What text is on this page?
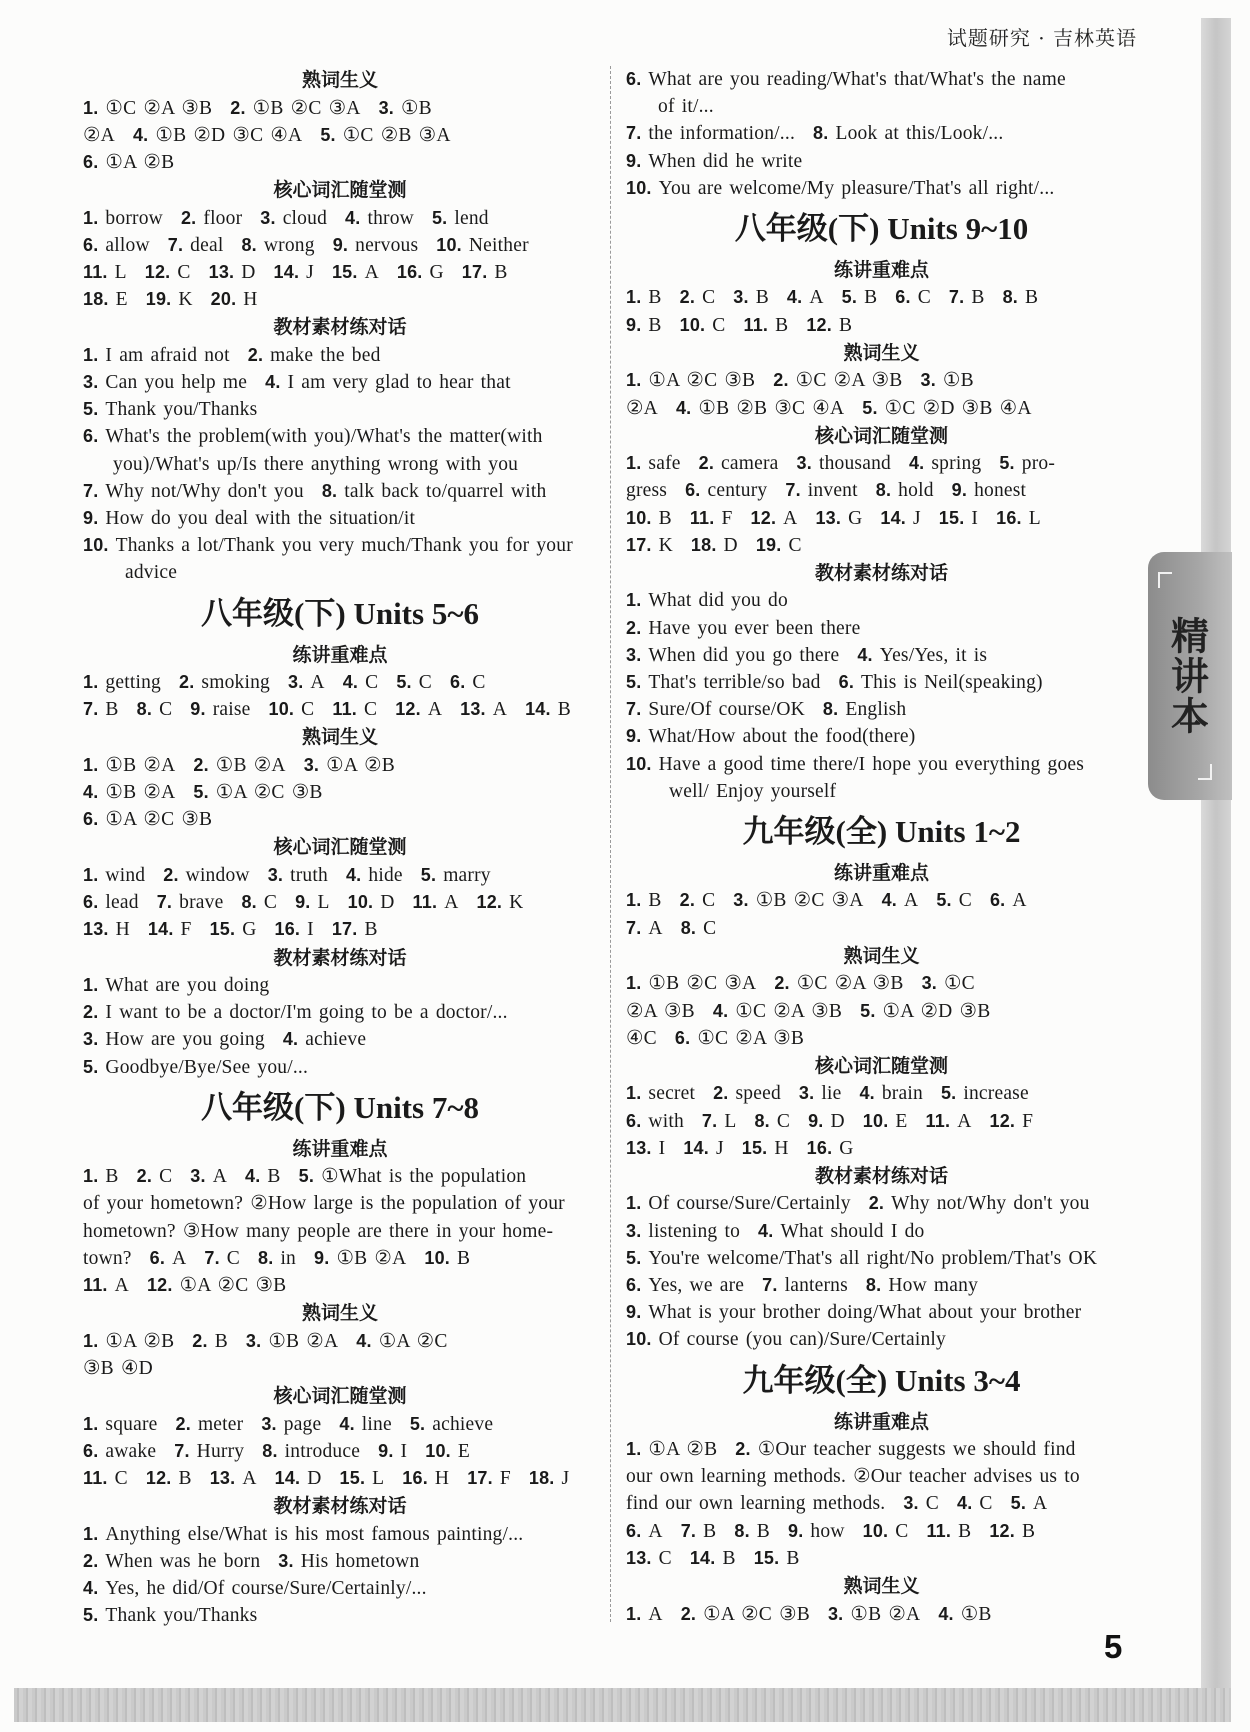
试题研究 · 吉林英语
精讲本
熟词生义
1. ①C ②A ③B 2. ①B ②C ③A 3. ①B
②A 4. ①B ②D ③C ④A 5. ①C ②B ③A
6. ①A ②B
核心词汇随堂测
1. borrow 2. floor 3. cloud 4. throw 5. lend
6. allow 7. deal 8. wrong 9. nervous 10. Neither
11. L 12. C 13. D 14. J 15. A 16. G 17. B
18. E 19. K 20. H
教材素材练对话
1. I am afraid not 2. make the bed
3. Can you help me 4. I am very glad to hear that
5. Thank you/Thanks
6. What's the problem(with you)/What's the matter(with
you)/What's up/Is there anything wrong with you
7. Why not/Why don't you 8. talk back to/quarrel with
9. How do you deal with the situation/it
10. Thanks a lot/Thank you very much/Thank you for your
advice
八年级(下) Units 5~6
练讲重难点
1. getting 2. smoking 3. A 4. C 5. C 6. C
7. B 8. C 9. raise 10. C 11. C 12. A 13. A 14. B
熟词生义
1. ①B ②A 2. ①B ②A 3. ①A ②B
4. ①B ②A 5. ①A ②C ③B
6. ①A ②C ③B
核心词汇随堂测
1. wind 2. window 3. truth 4. hide 5. marry
6. lead 7. brave 8. C 9. L 10. D 11. A 12. K
13. H 14. F 15. G 16. I 17. B
教材素材练对话
1. What are you doing
2. I want to be a doctor/I'm going to be a doctor/...
3. How are you going 4. achieve
5. Goodbye/Bye/See you/...
八年级(下) Units 7~8
练讲重难点
1. B 2. C 3. A 4. B 5. ①What is the population
of your hometown? ②How large is the population of your
hometown? ③How many people are there in your home-
town? 6. A 7. C 8. in 9. ①B ②A 10. B
11. A 12. ①A ②C ③B
熟词生义
1. ①A ②B 2. B 3. ①B ②A 4. ①A ②C
③B ④D
核心词汇随堂测
1. square 2. meter 3. page 4. line 5. achieve
6. awake 7. Hurry 8. introduce 9. I 10. E
11. C 12. B 13. A 14. D 15. L 16. H 17. F 18. J
教材素材练对话
1. Anything else/What is his most famous painting/...
2. When was he born 3. His hometown
4. Yes, he did/Of course/Sure/Certainly/...
5. Thank you/Thanks
6. What are you reading/What's that/What's the name
of it/...
7. the information/... 8. Look at this/Look/...
9. When did he write
10. You are welcome/My pleasure/That's all right/...
八年级(下) Units 9~10
练讲重难点
1. B 2. C 3. B 4. A 5. B 6. C 7. B 8. B
9. B 10. C 11. B 12. B
熟词生义
1. ①A ②C ③B 2. ①C ②A ③B 3. ①B
②A 4. ①B ②B ③C ④A 5. ①C ②D ③B ④A
核心词汇随堂测
1. safe 2. camera 3. thousand 4. spring 5. pro-
gress 6. century 7. invent 8. hold 9. honest
10. B 11. F 12. A 13. G 14. J 15. I 16. L
17. K 18. D 19. C
教材素材练对话
1. What did you do
2. Have you ever been there
3. When did you go there 4. Yes/Yes, it is
5. That's terrible/so bad 6. This is Neil(speaking)
7. Sure/Of course/OK 8. English
9. What/How about the food(there)
10. Have a good time there/I hope you everything goes
well/ Enjoy yourself
九年级(全) Units 1~2
练讲重难点
1. B 2. C 3. ①B ②C ③A 4. A 5. C 6. A
7. A 8. C
熟词生义
1. ①B ②C ③A 2. ①C ②A ③B 3. ①C
②A ③B 4. ①C ②A ③B 5. ①A ②D ③B
④C 6. ①C ②A ③B
核心词汇随堂测
1. secret 2. speed 3. lie 4. brain 5. increase
6. with 7. L 8. C 9. D 10. E 11. A 12. F
13. I 14. J 15. H 16. G
教材素材练对话
1. Of course/Sure/Certainly 2. Why not/Why don't you
3. listening to 4. What should I do
5. You're welcome/That's all right/No problem/That's OK
6. Yes, we are 7. lanterns 8. How many
9. What is your brother doing/What about your brother
10. Of course (you can)/Sure/Certainly
九年级(全) Units 3~4
练讲重难点
1. ①A ②B 2. ①Our teacher suggests we should find
our own learning methods. ②Our teacher advises us to
find our own learning methods. 3. C 4. C 5. A
6. A 7. B 8. B 9. how 10. C 11. B 12. B
13. C 14. B 15. B
熟词生义
1. A 2. ①A ②C ③B 3. ①B ②A 4. ①B
5
